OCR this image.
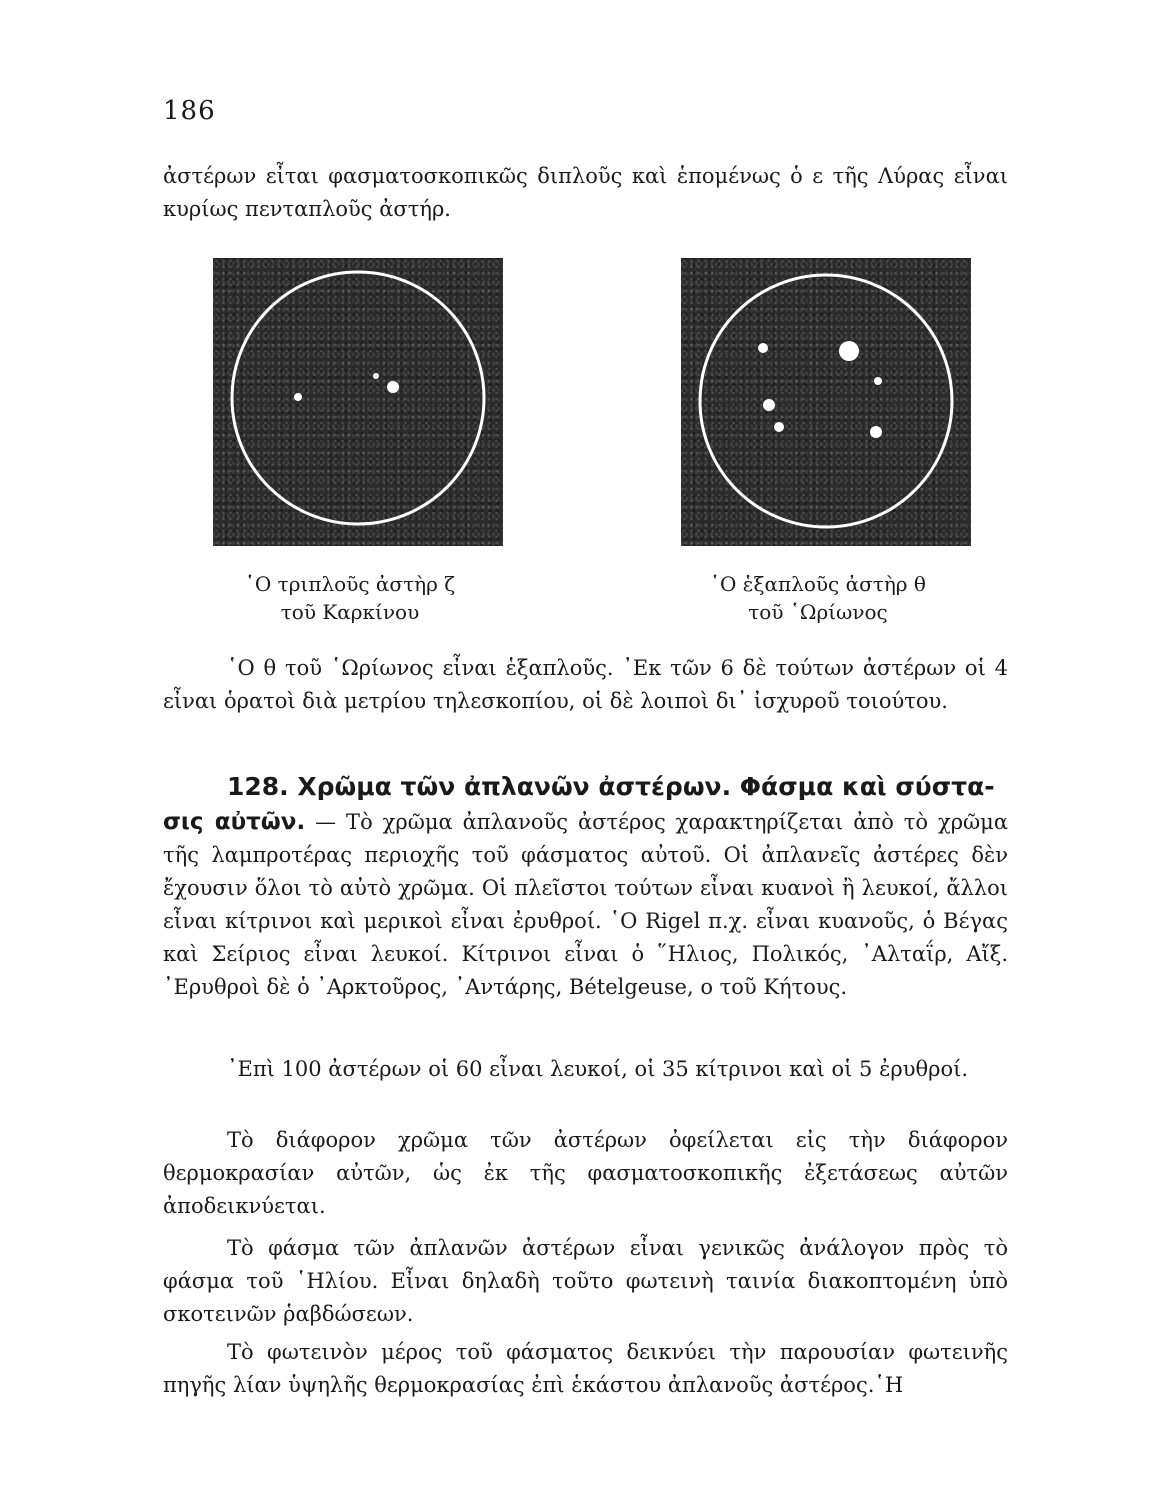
186

ἀστέρων εἶται φασματοσκοπικῶς διπλοῦς καὶ ἑπομένως ὁ ε τῆς Λύρας εἶναι κυρίως πενταπλοῦς ἀστήρ.

῾Ο τριπλοῦς ἀστὴρ ζ
τοῦ Καρκίνου
῾Ο ἑξαπλοῦς ἀστὴρ θ
τοῦ ῾Ωρίωνος

῾Ο θ τοῦ ῾Ωρίωνος εἶναι ἑξαπλοῦς. ᾿Εκ τῶν 6 δὲ τούτων ἀστέρων οἱ 4 εἶναι ὁρατοὶ διὰ μετρίου τηλεσκοπίου, οἱ δὲ λοιποὶ δι᾿ ἰσχυροῦ τοιούτου.

128. Χρῶμα τῶν ἀπλανῶν ἀστέρων. Φάσμα καὶ σύστα-

σις αὐτῶν. — Τὸ χρῶμα ἀπλανοῦς ἀστέρος χαρακτηρίζεται ἀπὸ τὸ χρῶμα τῆς λαμπροτέρας περιοχῆς τοῦ φάσματος αὐτοῦ. Οἱ ἀπλανεῖς ἀστέρες δὲν ἔχουσιν ὅλοι τὸ αὐτὸ χρῶμα. Οἱ πλεῖστοι τούτων εἶναι κυανοὶ ἢ λευκοί, ἄλλοι εἶναι κίτρινοι καὶ μερικοὶ εἶναι ἐρυθροί. ῾Ο Rigel π.χ. εἶναι κυανοῦς, ὁ Βέγας καὶ Σείριος εἶναι λευκοί. Κίτρινοι εἶναι ὁ ῞Ηλιος, Πολικός, ᾿Αλταΐρ, Αἴξ. ᾿Ερυθροὶ δὲ ὁ ᾿Αρκτοῦρος, ᾿Αντάρης, Bételgeuse, ο τοῦ Κήτους.

᾿Επὶ 100 ἀστέρων οἱ 60 εἶναι λευκοί, οἱ 35 κίτρινοι καὶ οἱ 5 ἐρυθροί.

Τὸ διάφορον χρῶμα τῶν ἀστέρων ὀφείλεται εἰς τὴν διάφορον θερμοκρασίαν αὐτῶν, ὡς ἐκ τῆς φασματοσκοπικῆς ἐξετάσεως αὐτῶν ἀποδεικνύεται.

Τὸ φάσμα τῶν ἀπλανῶν ἀστέρων εἶναι γενικῶς ἀνάλογον πρὸς τὸ φάσμα τοῦ ῾Ηλίου. Εἶναι δηλαδὴ τοῦτο φωτεινὴ ταινία διακοπτομένη ὑπὸ σκοτεινῶν ῥαβδώσεων.

Τὸ φωτεινὸν μέρος τοῦ φάσματος δεικνύει τὴν παρουσίαν φωτεινῆς πηγῆς λίαν ὑψηλῆς θερμοκρασίας ἐπὶ ἑκάστου ἀπλανοῦς ἀστέρος.῾Η
